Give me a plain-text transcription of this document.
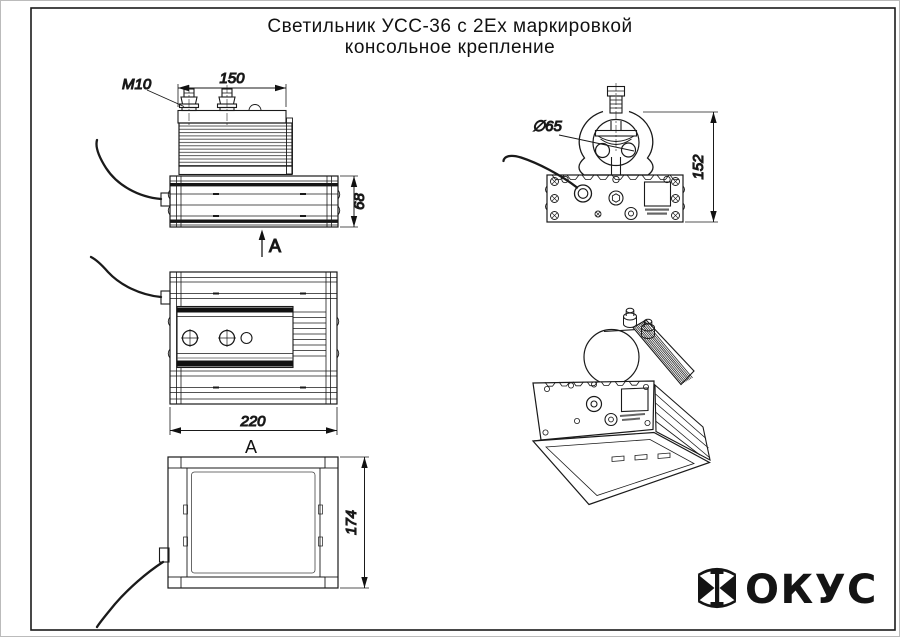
Светильник УСС-36 с 2Ех маркировкой
консольное крепление
150
M10
68
A
220
A
174
152
∅65
ОКУС
